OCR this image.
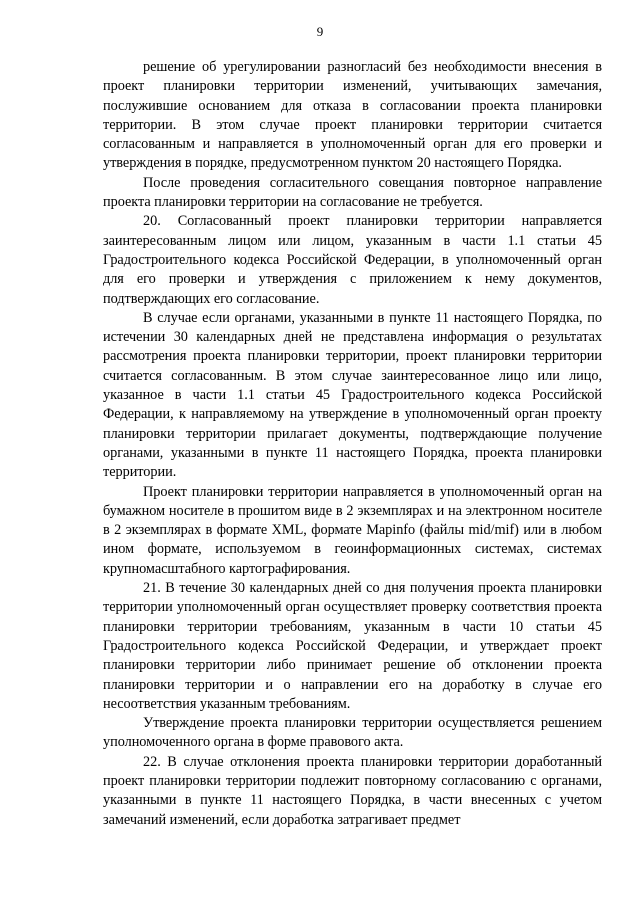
9

решение об урегулировании разногласий без необходимости внесения в проект планировки территории изменений, учитывающих замечания, послужившие основанием для отказа в согласовании проекта планировки территории. В этом случае проект планировки территории считается согласованным и направляется в уполномоченный орган для его проверки и утверждения в порядке, предусмотренном пунктом 20 настоящего Порядка.

После проведения согласительного совещания повторное направление проекта планировки территории на согласование не требуется.

20. Согласованный проект планировки территории направляется заинтересованным лицом или лицом, указанным в части 1.1 статьи 45 Градостроительного кодекса Российской Федерации, в уполномоченный орган для его проверки и утверждения с приложением к нему документов, подтверждающих его согласование.

В случае если органами, указанными в пункте 11 настоящего Порядка, по истечении 30 календарных дней не представлена информация о результатах рассмотрения проекта планировки территории, проект планировки территории считается согласованным. В этом случае заинтересованное лицо или лицо, указанное в части 1.1 статьи 45 Градостроительного кодекса Российской Федерации, к направляемому на утверждение в уполномоченный орган проекту планировки территории прилагает документы, подтверждающие получение органами, указанными в пункте 11 настоящего Порядка, проекта планировки территории.

Проект планировки территории направляется в уполномоченный орган на бумажном носителе в прошитом виде в 2 экземплярах и на электронном носителе в 2 экземплярах в формате XML, формате Mapinfo (файлы mid/mif) или в любом ином формате, используемом в геоинформационных системах, системах крупномасштабного картографирования.

21. В течение 30 календарных дней со дня получения проекта планировки территории уполномоченный орган осуществляет проверку соответствия проекта планировки территории требованиям, указанным в части 10 статьи 45 Градостроительного кодекса Российской Федерации, и утверждает проект планировки территории либо принимает решение об отклонении проекта планировки территории и о направлении его на доработку в случае его несоответствия указанным требованиям.

Утверждение проекта планировки территории осуществляется решением уполномоченного органа в форме правового акта.

22. В случае отклонения проекта планировки территории доработанный проект планировки территории подлежит повторному согласованию с органами, указанными в пункте 11 настоящего Порядка, в части внесенных с учетом замечаний изменений, если доработка затрагивает предмет
